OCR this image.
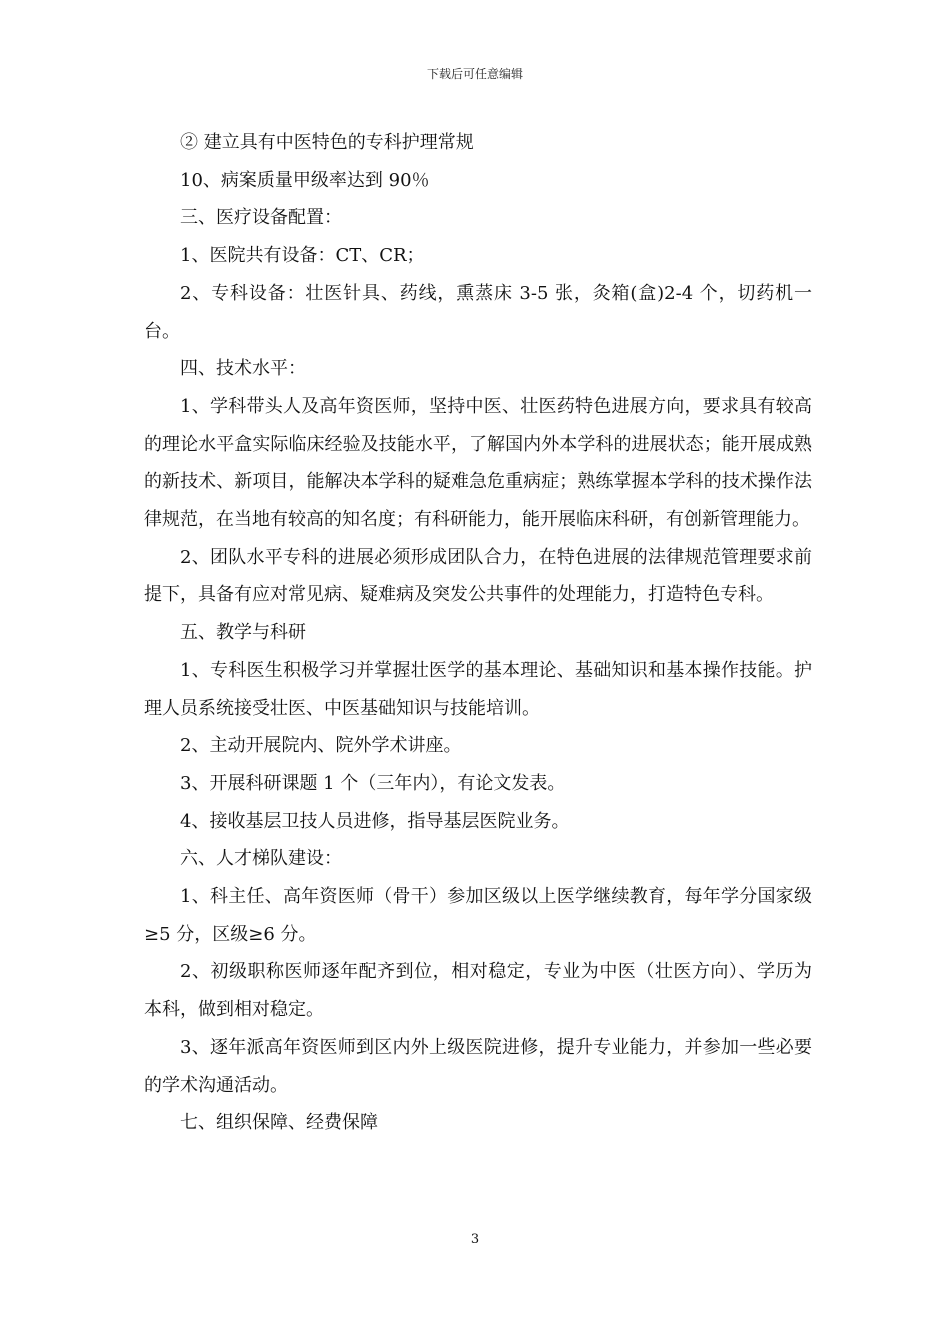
下载后可任意编辑

② 建立具有中医特色的专科护理常规

10、病案质量甲级率达到 90％

三、医疗设备配置：

1、医院共有设备：CT、CR；

2、专科设备：壮医针具、药线，熏蒸床 3-5 张，灸箱(盒)2-4 个，切药机一台。

四、技术水平：

1、学科带头人及高年资医师，坚持中医、壮医药特色进展方向，要求具有较高的理论水平盒实际临床经验及技能水平，了解国内外本学科的进展状态；能开展成熟的新技术、新项目，能解决本学科的疑难急危重病症；熟练掌握本学科的技术操作法律规范，在当地有较高的知名度；有科研能力，能开展临床科研，有创新管理能力。

2、团队水平专科的进展必须形成团队合力，在特色进展的法律规范管理要求前提下，具备有应对常见病、疑难病及突发公共事件的处理能力，打造特色专科。

五、教学与科研

1、专科医生积极学习并掌握壮医学的基本理论、基础知识和基本操作技能。护理人员系统接受壮医、中医基础知识与技能培训。

2、主动开展院内、院外学术讲座。

3、开展科研课题 1 个（三年内），有论文发表。

4、接收基层卫技人员进修，指导基层医院业务。

六、人才梯队建设：

1、科主任、高年资医师（骨干）参加区级以上医学继续教育，每年学分国家级≥5 分，区级≥6 分。

2、初级职称医师逐年配齐到位，相对稳定，专业为中医（壮医方向）、学历为本科，做到相对稳定。

3、逐年派高年资医师到区内外上级医院进修，提升专业能力，并参加一些必要的学术沟通活动。

七、组织保障、经费保障

3
